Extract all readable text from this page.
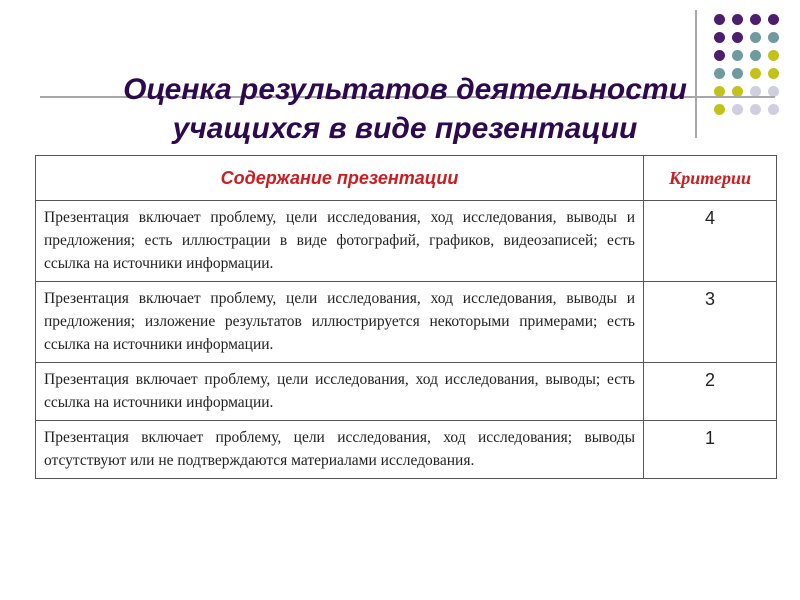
Оценка результатов деятельности
учащихся в виде презентации
Содержание презентации	Критерии
Презентация включает проблему, цели исследования, ход исследования, выводы и предложения; есть иллюстрации в виде фотографий, графиков, видеозаписей; есть ссылка на источники информации.	4
Презентация включает проблему, цели исследования, ход исследования, выводы и предложения; изложение результатов иллюстрируется некоторыми примерами; есть ссылка на источники информации.	3
Презентация включает проблему, цели исследования, ход исследования, выводы; есть ссылка на источники информации.	2
Презентация включает проблему, цели исследования, ход исследования; выводы отсутствуют или не подтверждаются материалами исследования.	1
